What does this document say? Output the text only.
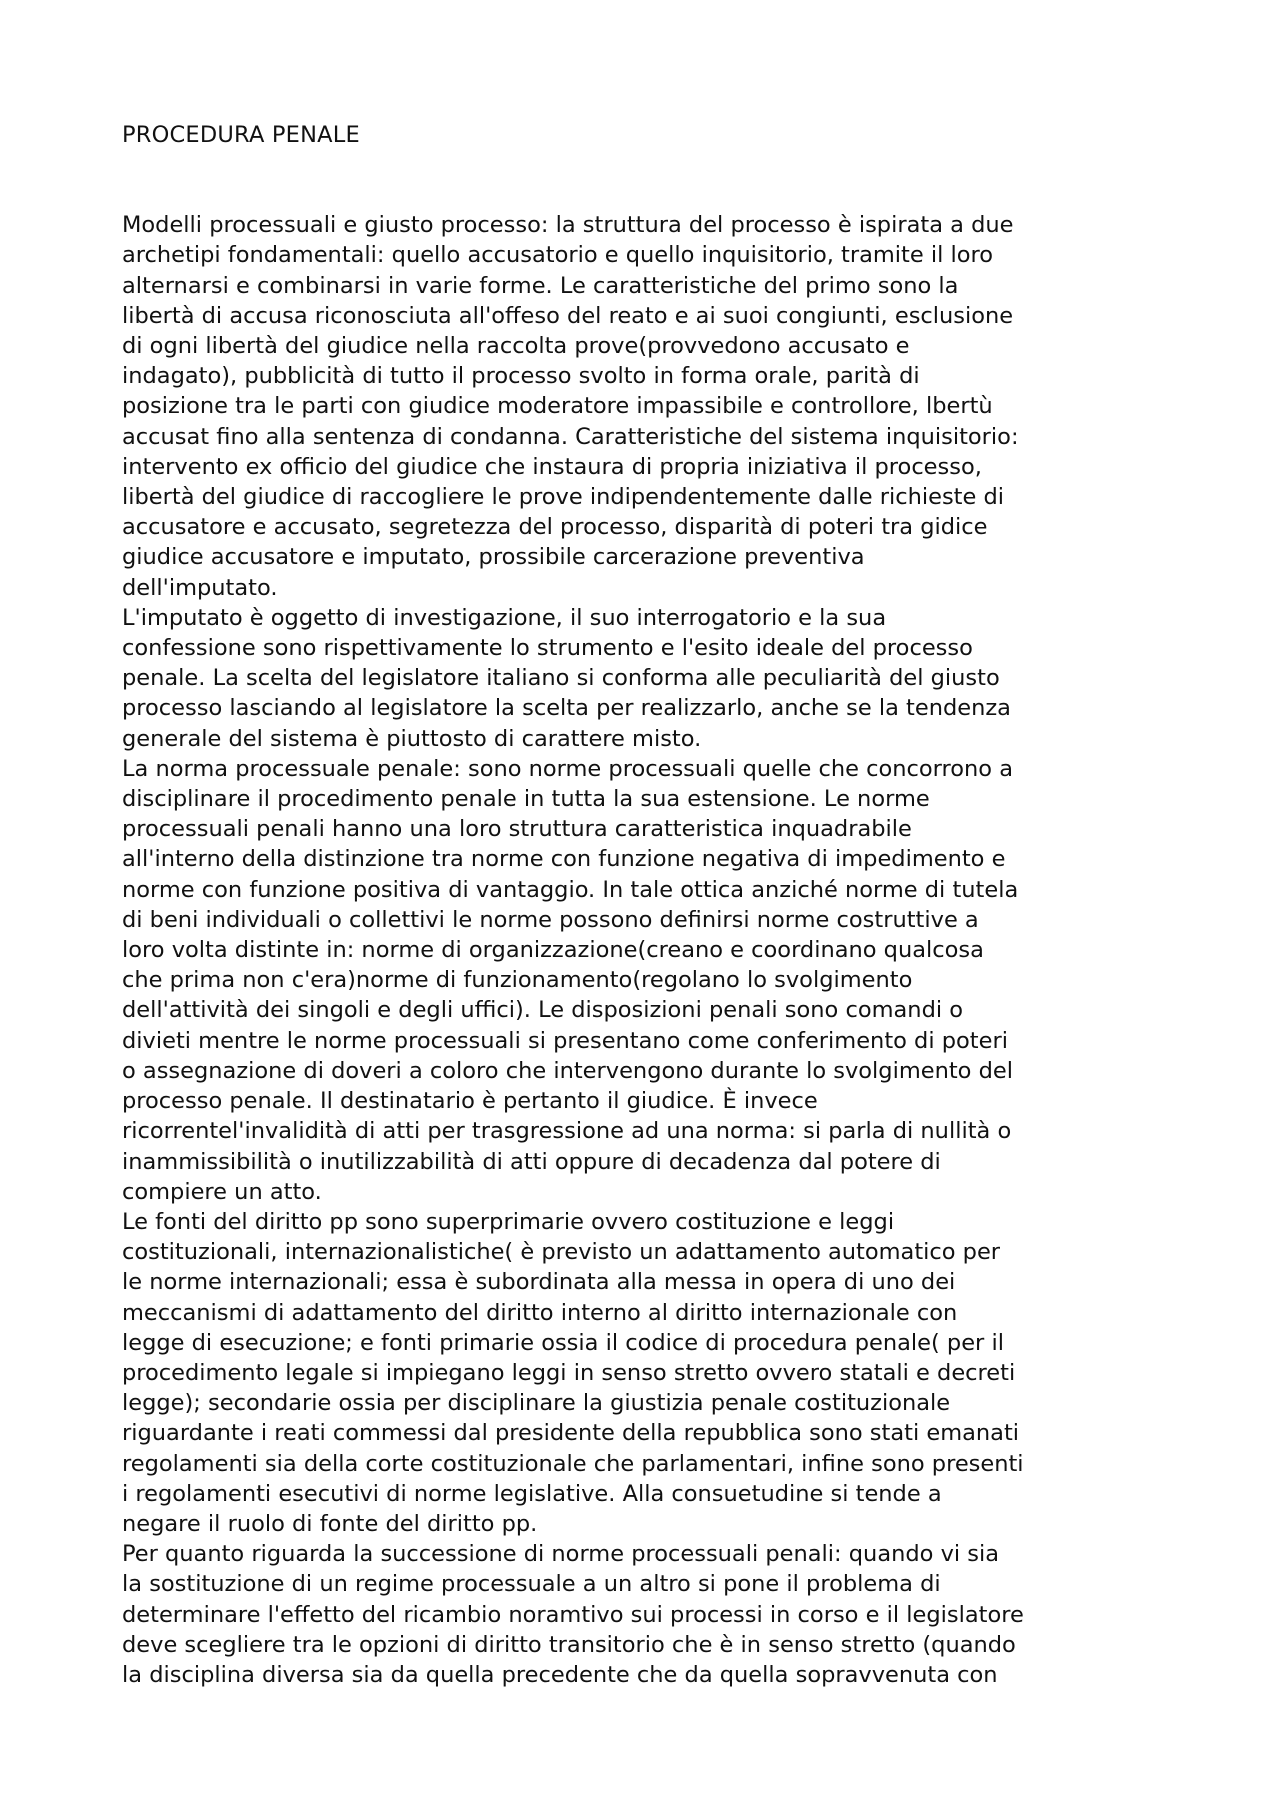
PROCEDURA PENALE

Modelli processuali e giusto processo: la struttura del processo è ispirata a due
archetipi fondamentali: quello accusatorio e quello inquisitorio, tramite il loro
alternarsi e combinarsi in varie forme. Le caratteristiche del primo sono la
libertà di accusa riconosciuta all'offeso del reato e ai suoi congiunti, esclusione
di ogni libertà del giudice nella raccolta prove(provvedono accusato e
indagato), pubblicità di tutto il processo svolto in forma orale, parità di
posizione tra le parti con giudice moderatore impassibile e controllore, lbertù
accusat fino alla sentenza di condanna. Caratteristiche del sistema inquisitorio:
intervento ex officio del giudice che instaura di propria iniziativa il processo,
libertà del giudice di raccogliere le prove indipendentemente dalle richieste di
accusatore e accusato, segretezza del processo, disparità di poteri tra gidice
giudice accusatore e imputato, prossibile carcerazione preventiva
dell'imputato.

L'imputato è oggetto di investigazione, il suo interrogatorio e la sua
confessione sono rispettivamente lo strumento e l'esito ideale del processo
penale. La scelta del legislatore italiano si conforma alle peculiarità del giusto
processo lasciando al legislatore la scelta per realizzarlo, anche se la tendenza
generale del sistema è piuttosto di carattere misto.

La norma processuale penale: sono norme processuali quelle che concorrono a
disciplinare il procedimento penale in tutta la sua estensione. Le norme
processuali penali hanno una loro struttura caratteristica inquadrabile
all'interno della distinzione tra norme con funzione negativa di impedimento e
norme con funzione positiva di vantaggio. In tale ottica anziché norme di tutela
di beni individuali o collettivi le norme possono definirsi norme costruttive a
loro volta distinte in: norme di organizzazione(creano e coordinano qualcosa
che prima non c'era)norme di funzionamento(regolano lo svolgimento
dell'attività dei singoli e degli uffici). Le disposizioni penali sono comandi o
divieti mentre le norme processuali si presentano come conferimento di poteri
o assegnazione di doveri a coloro che intervengono durante lo svolgimento del
processo penale. Il destinatario è pertanto il giudice. È invece
ricorrentel'invalidità di atti per trasgressione ad una norma: si parla di nullità o
inammissibilità o inutilizzabilità di atti oppure di decadenza dal potere di
compiere un atto.

Le fonti del diritto pp sono superprimarie ovvero costituzione e leggi
costituzionali, internazionalistiche( è previsto un adattamento automatico per
le norme internazionali; essa è subordinata alla messa in opera di uno dei
meccanismi di adattamento del diritto interno al diritto internazionale con
legge di esecuzione; e fonti primarie ossia il codice di procedura penale( per il
procedimento legale si impiegano leggi in senso stretto ovvero statali e decreti
legge); secondarie ossia per disciplinare la giustizia penale costituzionale
riguardante i reati commessi dal presidente della repubblica sono stati emanati
regolamenti sia della corte costituzionale che parlamentari, infine sono presenti
i regolamenti esecutivi di norme legislative. Alla consuetudine si tende a
negare il ruolo di fonte del diritto pp.

Per quanto riguarda la successione di norme processuali penali: quando vi sia
la sostituzione di un regime processuale a un altro si pone il problema di
determinare l'effetto del ricambio noramtivo sui processi in corso e il legislatore
deve scegliere tra le opzioni di diritto transitorio che è in senso stretto (quando
la disciplina diversa sia da quella precedente che da quella sopravvenuta con
